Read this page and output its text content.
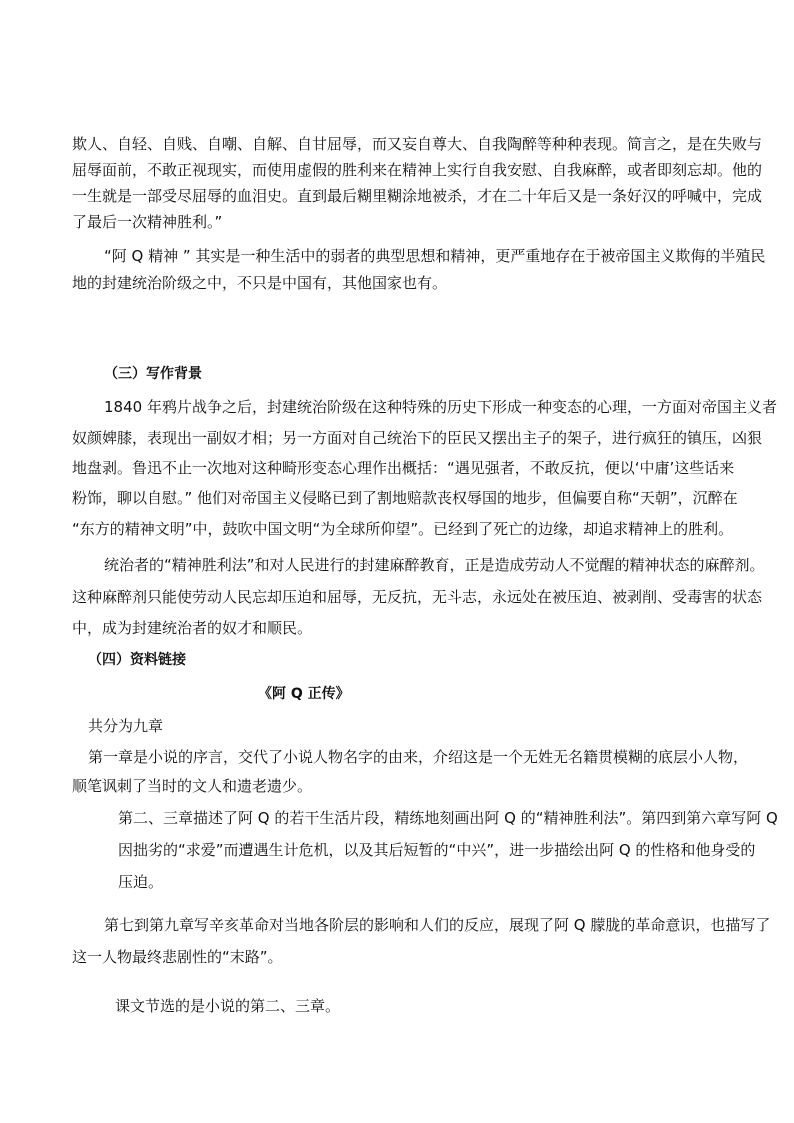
欺人、自轻、自贱、自嘲、自解、自甘屈辱，而又妄自尊大、自我陶醉等种种表现。简言之，是在失败与

屈辱面前，不敢正视现实，而使用虚假的胜利来在精神上实行自我安慰、自我麻醉，或者即刻忘却。他的

一生就是一部受尽屈辱的血泪史。直到最后糊里糊涂地被杀，才在二十年后又是一条好汉的呼喊中，完成

了最后一次精神胜利。”

“阿 Q 精神 ” 其实是一种生活中的弱者的典型思想和精神，更严重地存在于被帝国主义欺侮的半殖民

地的封建统治阶级之中，不只是中国有，其他国家也有。

（三）写作背景

1840 年鸦片战争之后，封建统治阶级在这种特殊的历史下形成一种变态的心理，一方面对帝国主义者

奴颜婢膝，表现出一副奴才相；另一方面对自己统治下的臣民又摆出主子的架子，进行疯狂的镇压，凶狠

地盘剥。鲁迅不止一次地对这种畸形变态心理作出概括：“遇见强者，不敢反抗，便以‘中庸’这些话来

粉饰，聊以自慰。” 他们对帝国主义侵略已到了割地赔款丧权辱国的地步，但偏要自称“天朝”，沉醉在

“东方的精神文明”中，鼓吹中国文明“为全球所仰望”。已经到了死亡的边缘，却追求精神上的胜利。

统治者的“精神胜利法”和对人民进行的封建麻醉教育，正是造成劳动人不觉醒的精神状态的麻醉剂。

这种麻醉剂只能使劳动人民忘却压迫和屈辱，无反抗，无斗志，永远处在被压迫、被剥削、受毒害的状态

中，成为封建统治者的奴才和顺民。

（四）资料链接

《阿 Q 正传》

共分为九章

第一章是小说的序言，交代了小说人物名字的由来，介绍这是一个无姓无名籍贯模糊的底层小人物，

顺笔讽刺了当时的文人和遗老遗少。

第二、三章描述了阿 Q 的若干生活片段，精练地刻画出阿 Q 的“精神胜利法”。第四到第六章写阿 Q

因拙劣的“求爱”而遭遇生计危机，以及其后短暂的“中兴”，进一步描绘出阿 Q 的性格和他身受的

压迫。

第七到第九章写辛亥革命对当地各阶层的影响和人们的反应，展现了阿 Q 朦胧的革命意识，也描写了

这一人物最终悲剧性的“末路”。

课文节选的是小说的第二、三章。
